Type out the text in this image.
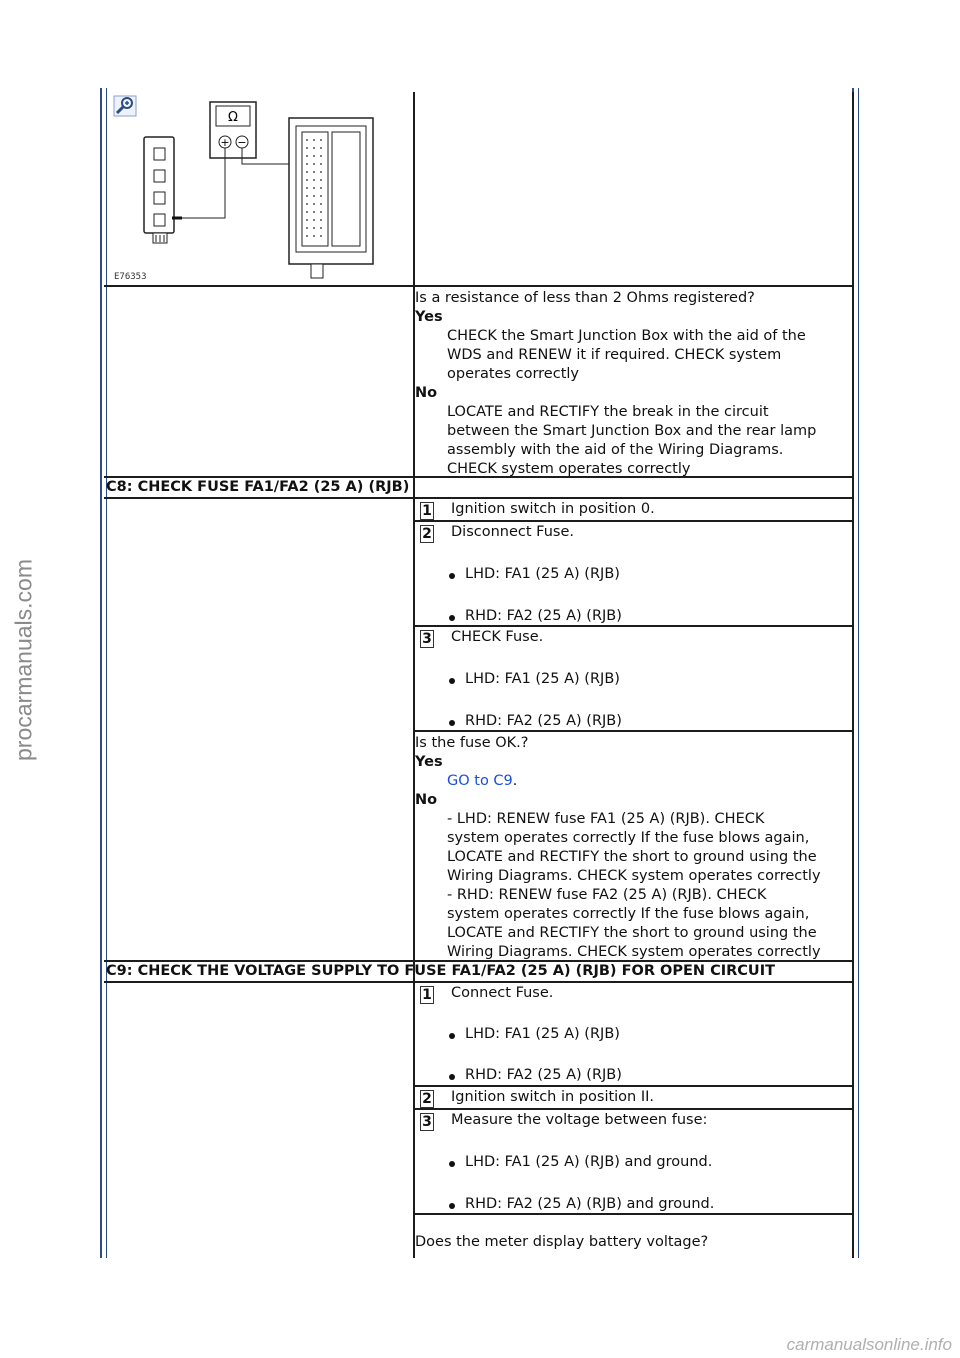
procarmanuals.com
carmanualsonline.info
Ω
+ −
E76353
Is a resistance of less than 2 Ohms registered?
Yes
CHECK the Smart Junction Box with the aid of the
WDS and RENEW it if required. CHECK system
operates correctly
No
LOCATE and RECTIFY the break in the circuit
between the Smart Junction Box and the rear lamp
assembly with the aid of the Wiring Diagrams.
CHECK system operates correctly
C8: CHECK FUSE FA1/FA2 (25 A) (RJB)
1 Ignition switch in position 0.
2 Disconnect Fuse.
LHD: FA1 (25 A) (RJB)
RHD: FA2 (25 A) (RJB)
3 CHECK Fuse.
LHD: FA1 (25 A) (RJB)
RHD: FA2 (25 A) (RJB)
Is the fuse OK.?
Yes
GO to C9.
No
- LHD: RENEW fuse FA1 (25 A) (RJB). CHECK
system operates correctly If the fuse blows again,
LOCATE and RECTIFY the short to ground using the
Wiring Diagrams. CHECK system operates correctly
- RHD: RENEW fuse FA2 (25 A) (RJB). CHECK
system operates correctly If the fuse blows again,
LOCATE and RECTIFY the short to ground using the
Wiring Diagrams. CHECK system operates correctly
C9: CHECK THE VOLTAGE SUPPLY TO FUSE FA1/FA2 (25 A) (RJB) FOR OPEN CIRCUIT
1 Connect Fuse.
LHD: FA1 (25 A) (RJB)
RHD: FA2 (25 A) (RJB)
2 Ignition switch in position II.
3 Measure the voltage between fuse:
LHD: FA1 (25 A) (RJB) and ground.
RHD: FA2 (25 A) (RJB) and ground.
Does the meter display battery voltage?
